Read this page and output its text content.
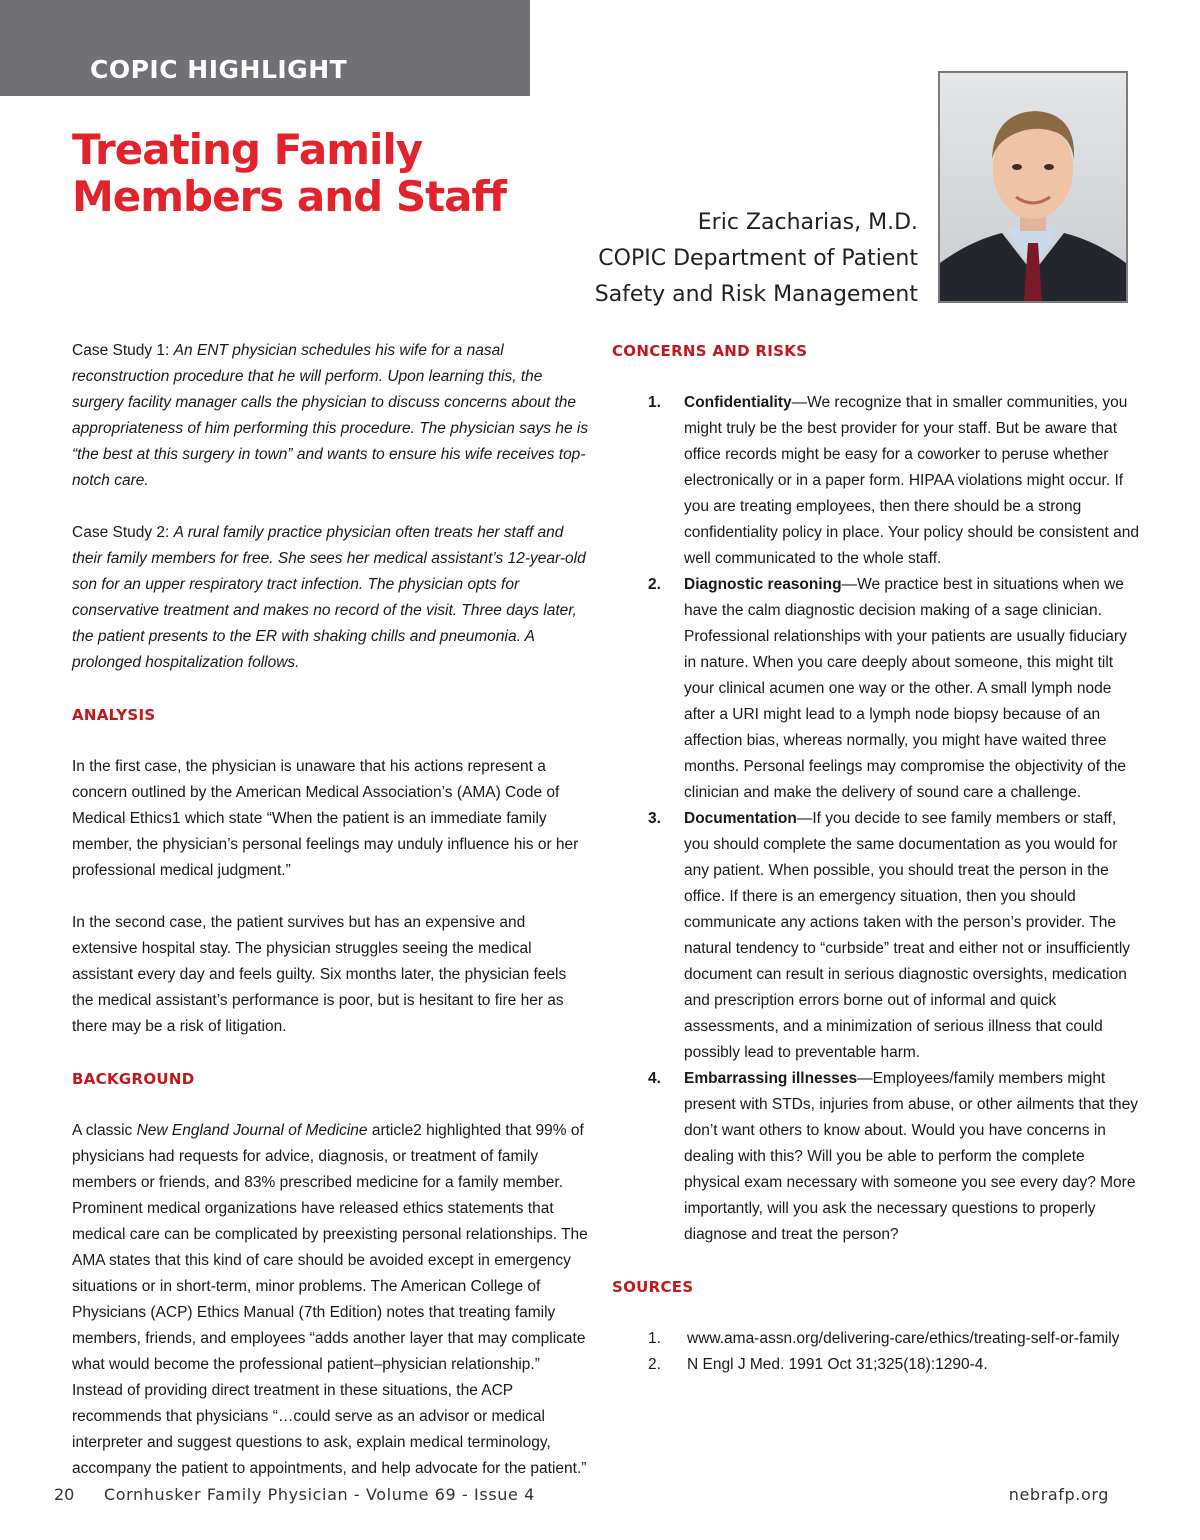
COPIC HIGHLIGHT
Treating Family
Members and Staff
Eric Zacharias, M.D.
COPIC Department of Patient
Safety and Risk Management

Case Study 1: An ENT physician schedules his wife for a nasal reconstruction procedure that he will perform. Upon learning this, the surgery facility manager calls the physician to discuss concerns about the appropriateness of him performing this procedure. The physician says he is “the best at this surgery in town” and wants to ensure his wife receives top-notch care.

Case Study 2: A rural family practice physician often treats her staff and their family members for free. She sees her medical assistant’s 12-year-old son for an upper respiratory tract infection. The physician opts for conservative treatment and makes no record of the visit. Three days later, the patient presents to the ER with shaking chills and pneumonia. A prolonged hospitalization follows.

ANALYSIS

In the first case, the physician is unaware that his actions represent a concern outlined by the American Medical Association’s (AMA) Code of Medical Ethics1 which state “When the patient is an immediate family member, the physician’s personal feelings may unduly influence his or her professional medical judgment.”

In the second case, the patient survives but has an expensive and extensive hospital stay. The physician struggles seeing the medical assistant every day and feels guilty. Six months later, the physician feels the medical assistant’s performance is poor, but is hesitant to fire her as there may be a risk of litigation.

BACKGROUND

A classic New England Journal of Medicine article2 highlighted that 99% of physicians had requests for advice, diagnosis, or treatment of family members or friends, and 83% prescribed medicine for a family member. Prominent medical organizations have released ethics statements that medical care can be complicated by preexisting personal relationships. The AMA states that this kind of care should be avoided except in emergency situations or in short-term, minor problems. The American College of Physicians (ACP) Ethics Manual (7th Edition) notes that treating family members, friends, and employees “adds another layer that may complicate what would become the professional patient–physician relationship.” Instead of providing direct treatment in these situations, the ACP recommends that physicians “…could serve as an advisor or medical interpreter and suggest questions to ask, explain medical terminology, accompany the patient to appointments, and help advocate for the patient.”

CONCERNS AND RISKS
1. Confidentiality—We recognize that in smaller communities, you might truly be the best provider for your staff. But be aware that office records might be easy for a coworker to peruse whether electronically or in a paper form. HIPAA violations might occur. If you are treating employees, then there should be a strong confidentiality policy in place. Your policy should be consistent and well communicated to the whole staff.
2. Diagnostic reasoning—We practice best in situations when we have the calm diagnostic decision making of a sage clinician. Professional relationships with your patients are usually fiduciary in nature. When you care deeply about someone, this might tilt your clinical acumen one way or the other. A small lymph node after a URI might lead to a lymph node biopsy because of an affection bias, whereas normally, you might have waited three months. Personal feelings may compromise the objectivity of the clinician and make the delivery of sound care a challenge.
3. Documentation—If you decide to see family members or staff, you should complete the same documentation as you would for any patient. When possible, you should treat the person in the office. If there is an emergency situation, then you should communicate any actions taken with the person’s provider. The natural tendency to “curbside” treat and either not or insufficiently document can result in serious diagnostic oversights, medication and prescription errors borne out of informal and quick assessments, and a minimization of serious illness that could possibly lead to preventable harm.
4. Embarrassing illnesses—Employees/family members might present with STDs, injuries from abuse, or other ailments that they don’t want others to know about. Would you have concerns in dealing with this? Will you be able to perform the complete physical exam necessary with someone you see every day? More importantly, will you ask the necessary questions to properly diagnose and treat the person?
SOURCES
1. www.ama-assn.org/delivering-care/ethics/treating-self-or-family
2. N Engl J Med. 1991 Oct 31;325(18):1290-4.
20 Cornhusker Family Physician - Volume 69 - Issue 4	nebrafp.org
